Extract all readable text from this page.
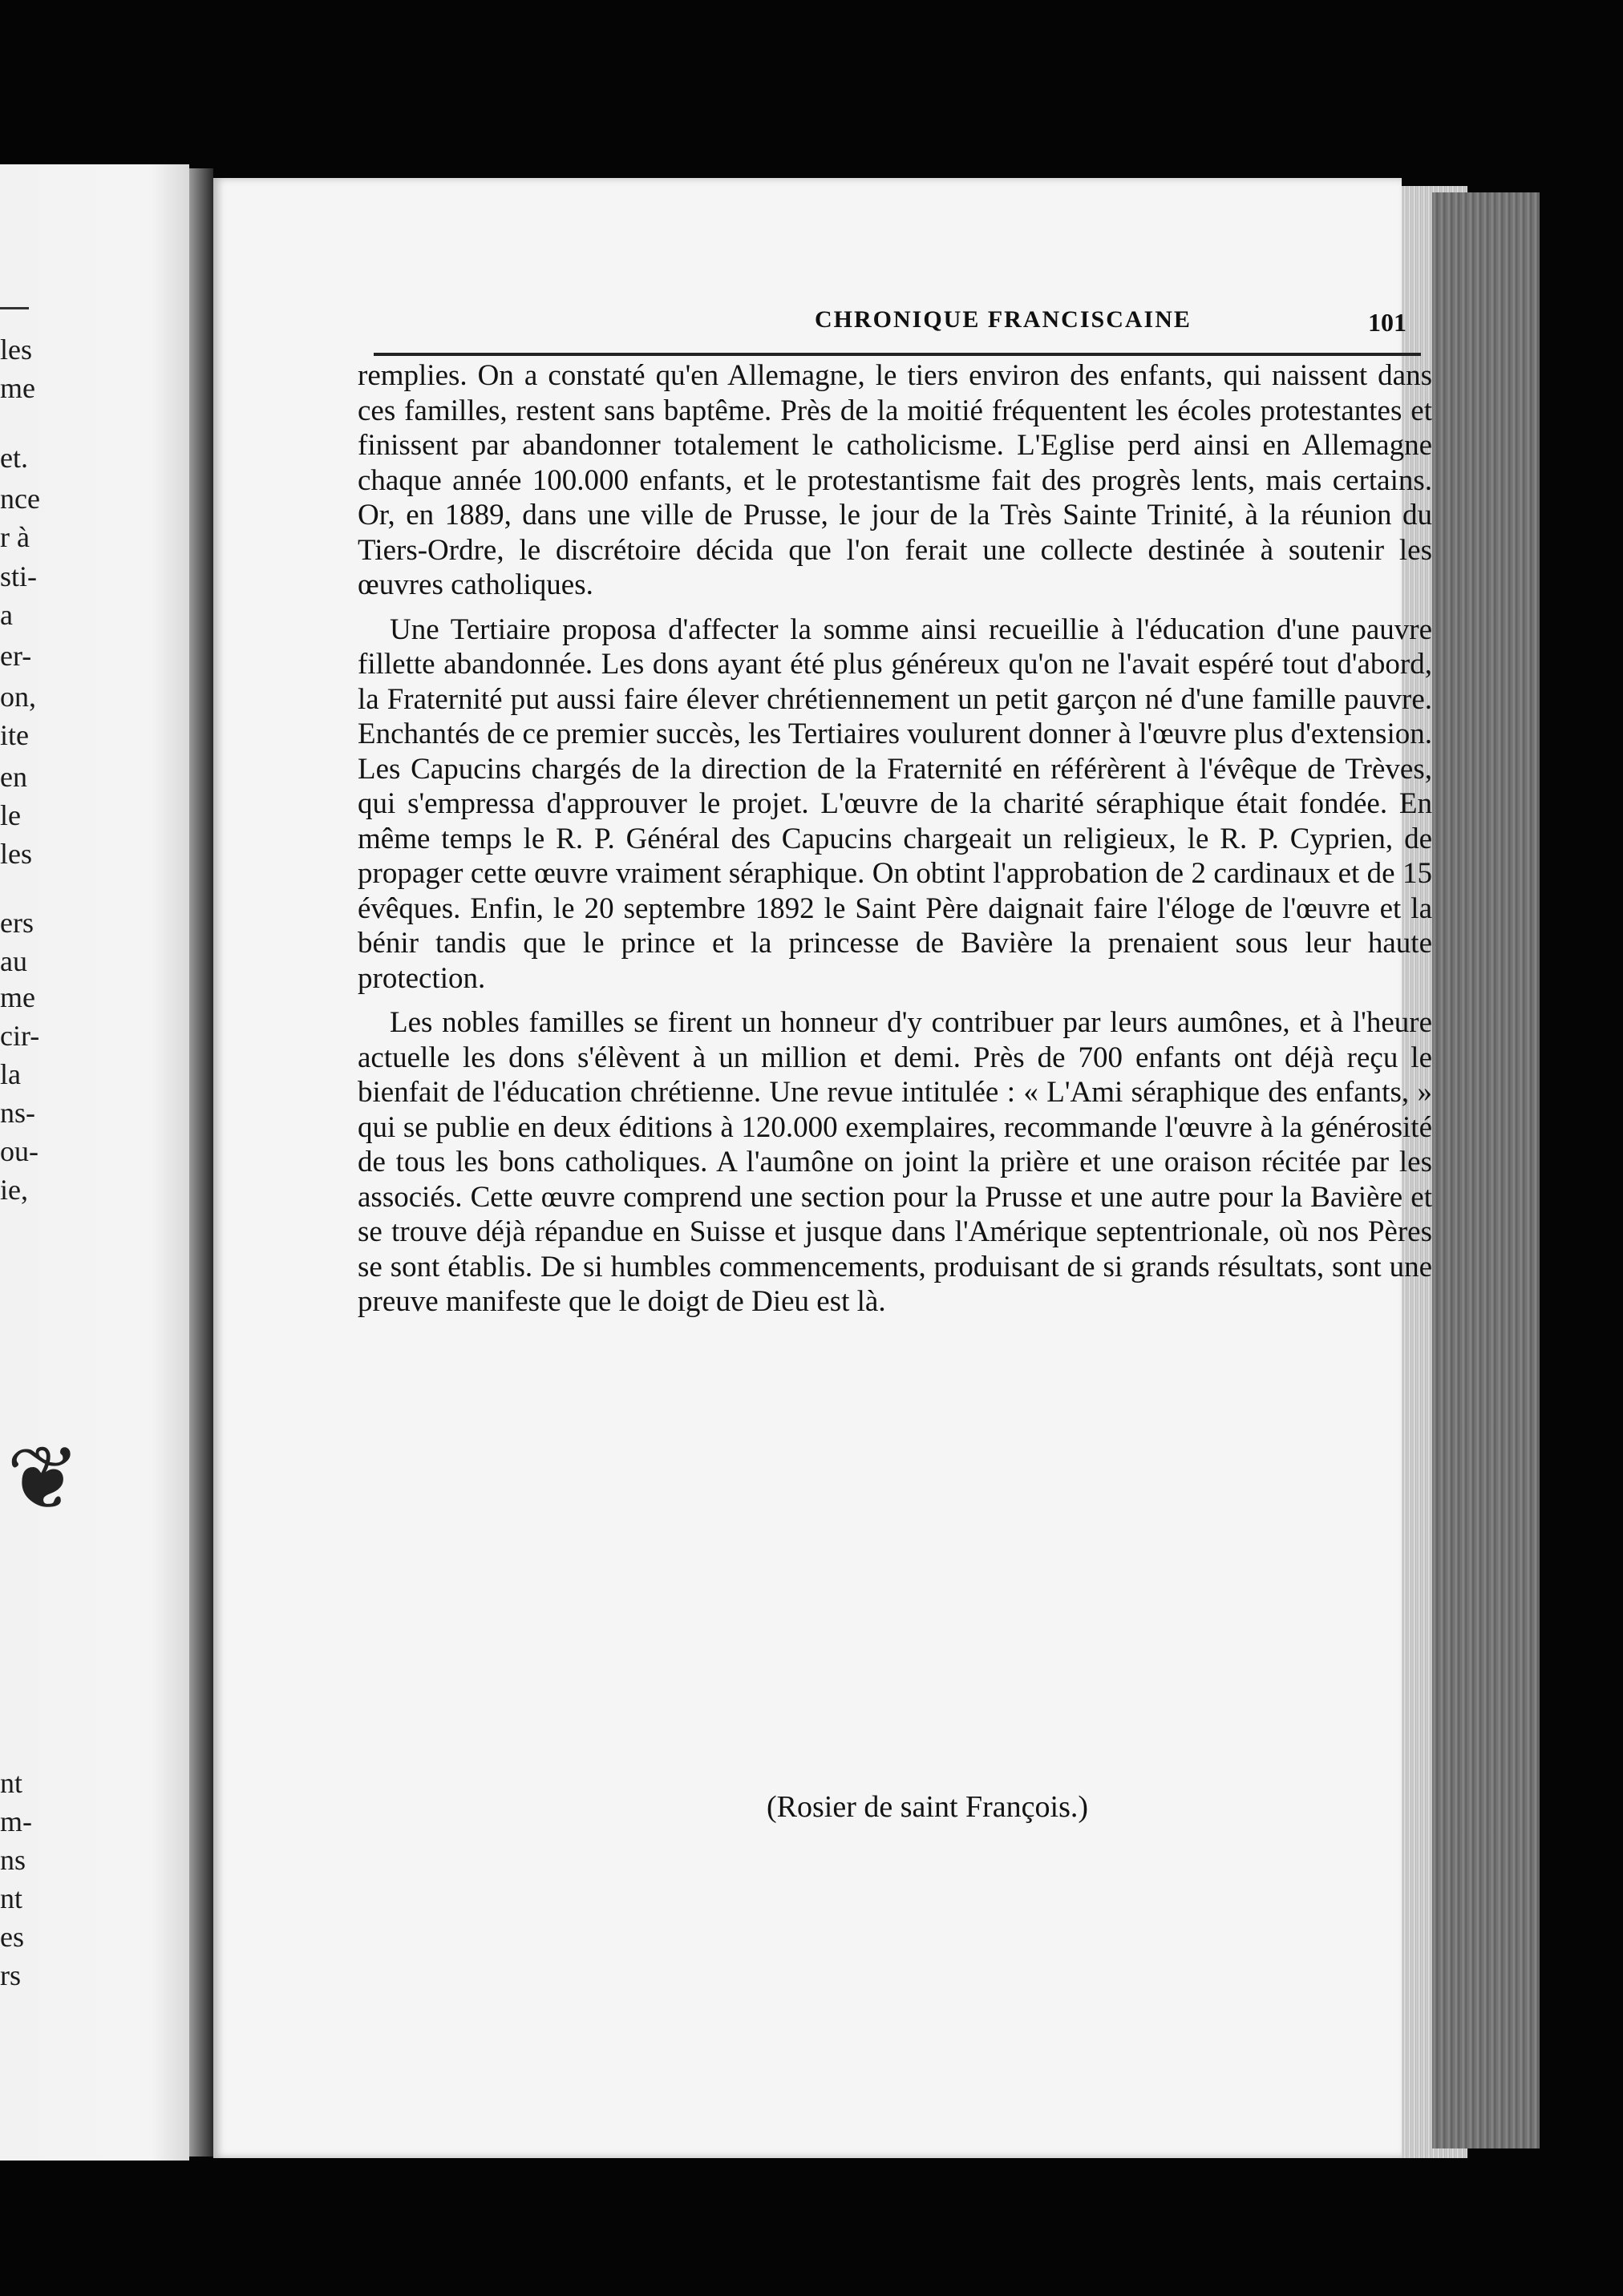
les
me
et.
nce
r à
sti-
a
er-
on,
ite
en
le
les
ers
au
me
cir-
la
ns-
ou-
ie,
nt
m-
ns
nt
es
rs
❦
CHRONIQUE FRANCISCAINE	101

remplies. On a constaté qu'en Allemagne, le tiers environ des enfants, qui naissent dans ces familles, restent sans baptême. Près de la moitié fréquentent les écoles protestantes et finissent par abandonner totalement le catholicisme. L'Eglise perd ainsi en Allemagne chaque année 100.000 enfants, et le protestantisme fait des progrès lents, mais certains. Or, en 1889, dans une ville de Prusse, le jour de la Très Sainte Trinité, à la réunion du Tiers-Ordre, le discrétoire décida que l'on ferait une collecte destinée à soutenir les œuvres catholiques.

Une Tertiaire proposa d'affecter la somme ainsi recueillie à l'éducation d'une pauvre fillette abandonnée. Les dons ayant été plus généreux qu'on ne l'avait espéré tout d'abord, la Fraternité put aussi faire élever chrétiennement un petit garçon né d'une famille pauvre. Enchantés de ce premier succès, les Tertiaires voulurent donner à l'œuvre plus d'extension. Les Capucins chargés de la direction de la Fraternité en référèrent à l'évêque de Trèves, qui s'empressa d'approuver le projet. L'œuvre de la charité séraphique était fondée. En même temps le R. P. Général des Capucins chargeait un religieux, le R. P. Cyprien, de propager cette œuvre vraiment séraphique. On obtint l'approbation de 2 cardinaux et de 15 évêques. Enfin, le 20 septembre 1892 le Saint Père daignait faire l'éloge de l'œuvre et la bénir tandis que le prince et la princesse de Bavière la prenaient sous leur haute protection.

Les nobles familles se firent un honneur d'y contribuer par leurs aumônes, et à l'heure actuelle les dons s'élèvent à un million et demi. Près de 700 enfants ont déjà reçu le bienfait de l'éducation chrétienne. Une revue intitulée : « L'Ami séraphique des enfants, » qui se publie en deux éditions à 120.000 exemplaires, recommande l'œuvre à la générosité de tous les bons catholiques. A l'aumône on joint la prière et une oraison récitée par les associés. Cette œuvre comprend une section pour la Prusse et une autre pour la Bavière et se trouve déjà répandue en Suisse et jusque dans l'Amérique septentrionale, où nos Pères se sont établis. De si humbles commencements, produisant de si grands résultats, sont une preuve manifeste que le doigt de Dieu est là.

(Rosier de saint François.)
